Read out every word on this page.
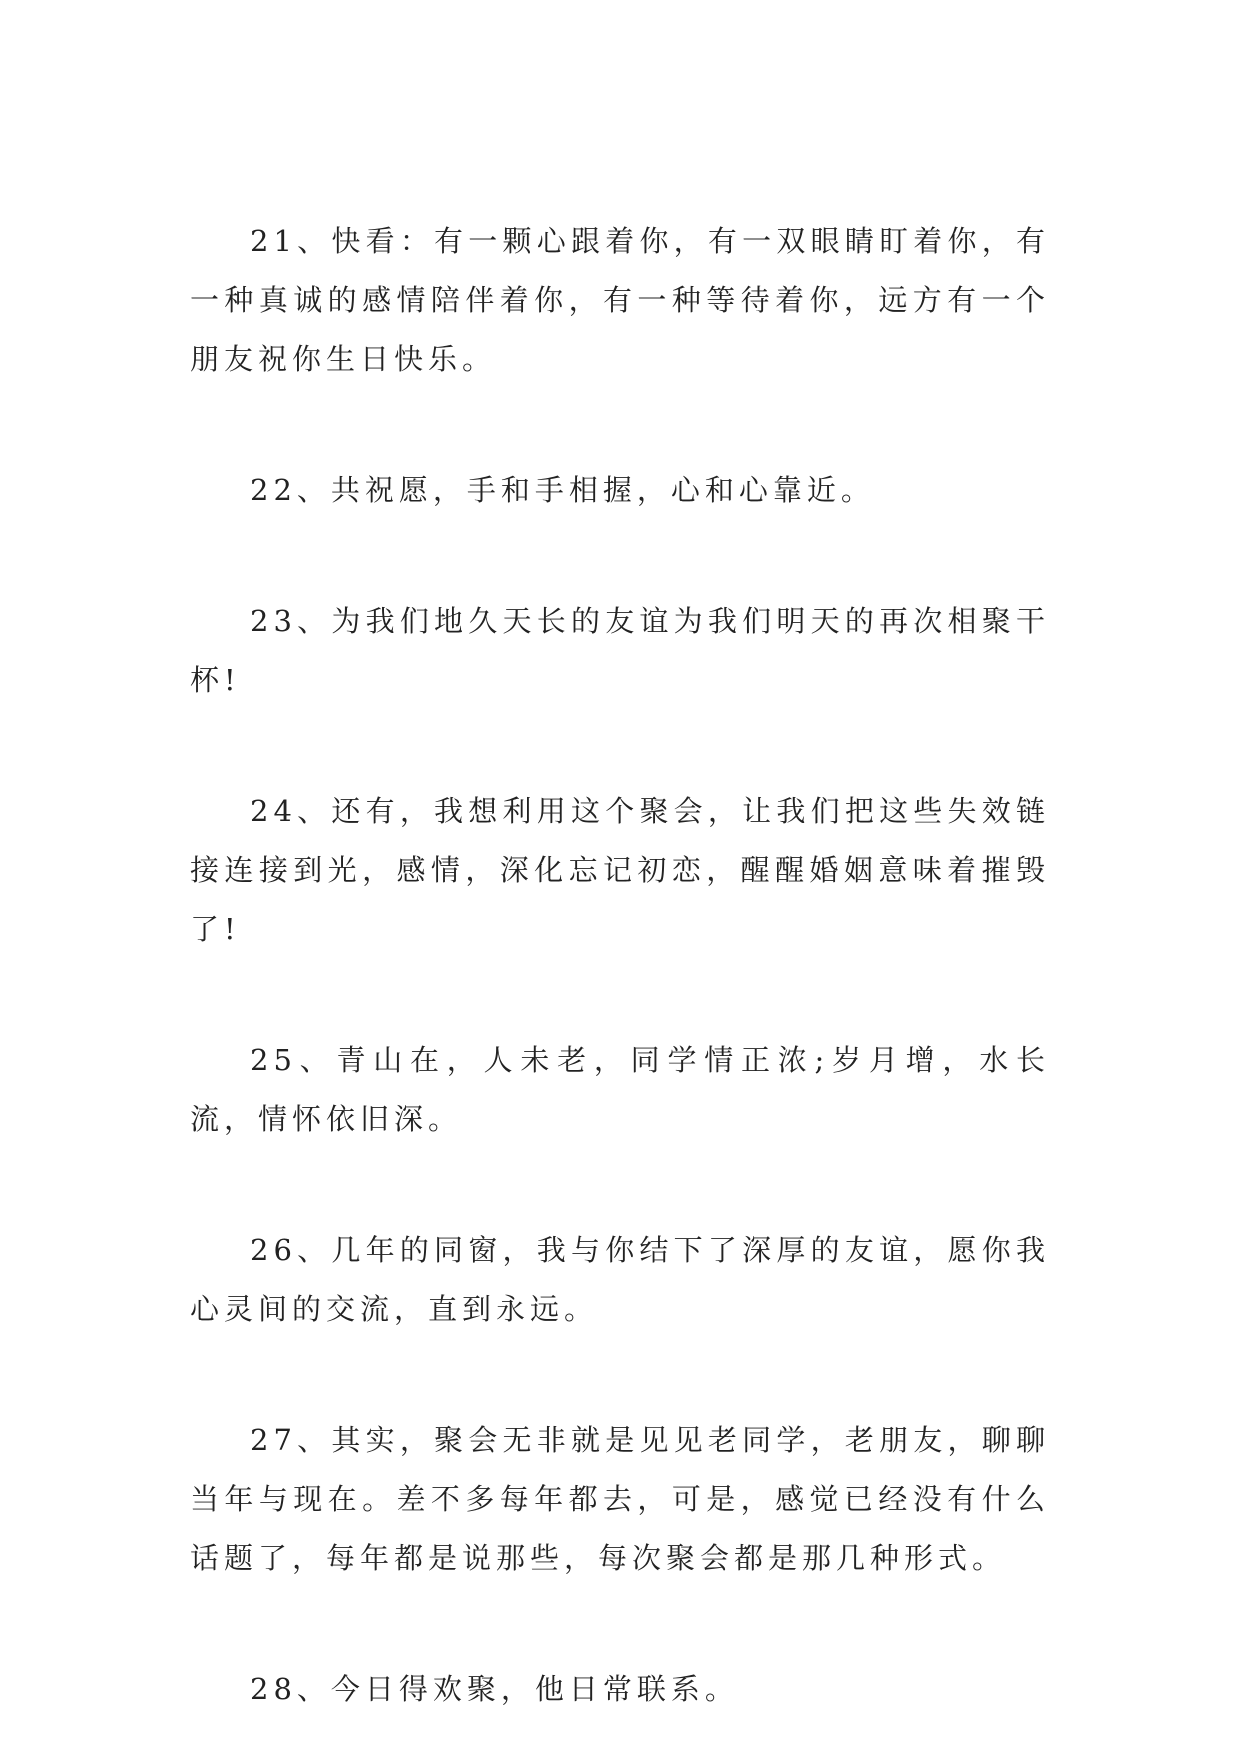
21、快看：有一颗心跟着你，有一双眼睛盯着你，有一种真诚的感情陪伴着你，有一种等待着你，远方有一个朋友祝你生日快乐。

22、共祝愿，手和手相握，心和心靠近。

23、为我们地久天长的友谊为我们明天的再次相聚干杯!

24、还有，我想利用这个聚会，让我们把这些失效链接连接到光，感情，深化忘记初恋，醒醒婚姻意味着摧毁了!

25、青山在，人未老，同学情正浓;岁月增，水长流，情怀依旧深。

26、几年的同窗，我与你结下了深厚的友谊，愿你我心灵间的交流，直到永远。

27、其实，聚会无非就是见见老同学，老朋友，聊聊当年与现在。差不多每年都去，可是，感觉已经没有什么话题了，每年都是说那些，每次聚会都是那几种形式。

28、今日得欢聚，他日常联系。
